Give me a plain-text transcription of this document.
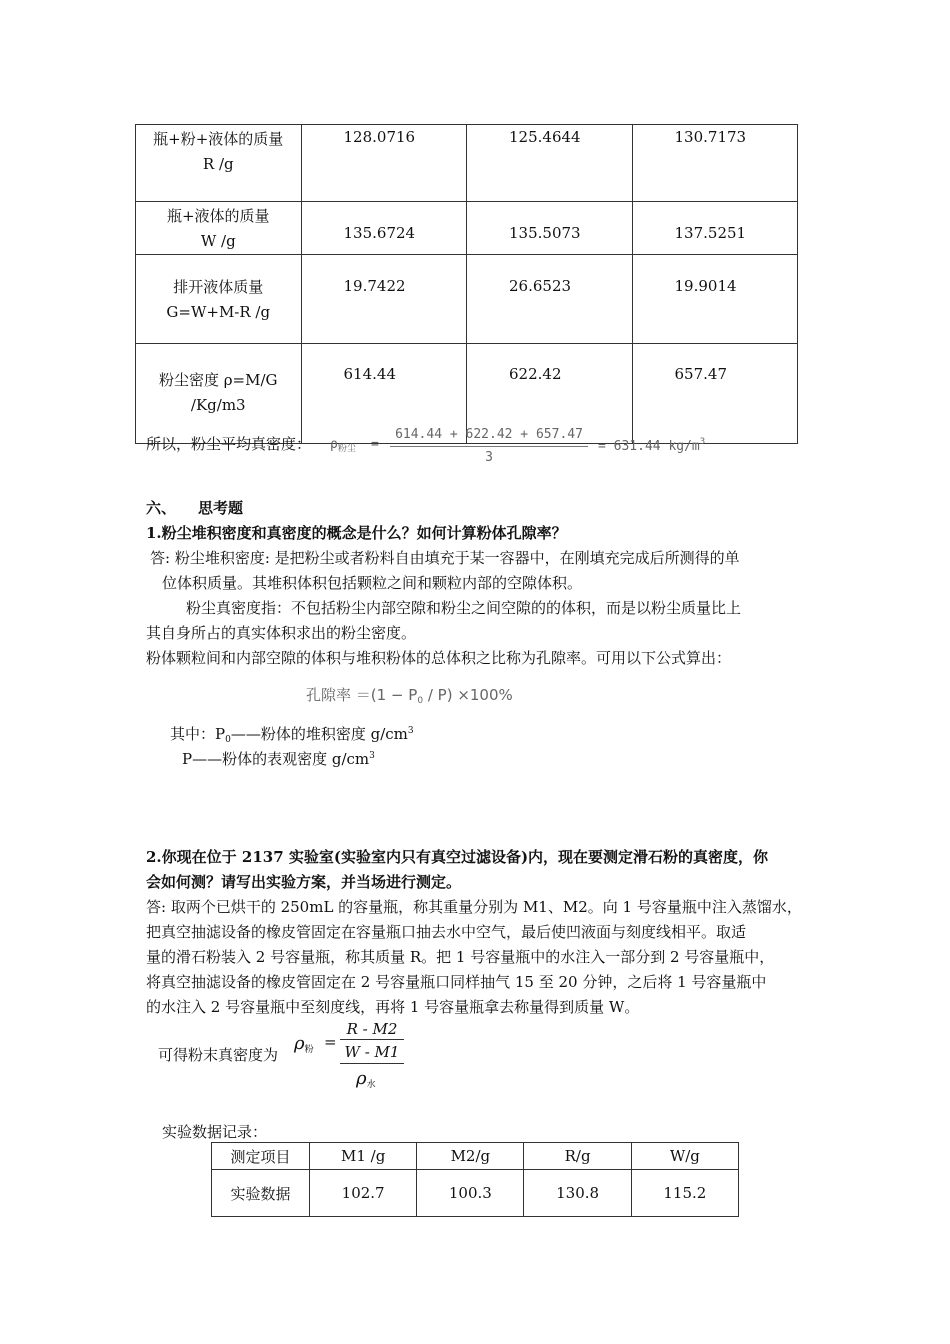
瓶+粉+液体的质量
R /g	128.0716	125.4644	130.7173

瓶+液体的质量
W /g	135.6724	135.5073	137.5251

排开液体质量
G=W+M-R /g	19.7422	26.6523	19.9014

粉尘密度 ρ=M/G
/Kg/m3	614.44	622.42	657.47
所以，粉尘平均真密度： $\rho_{粉尘}$ =
614.44 + 622.42 + 657.47
3
= 631.44 $kg/m^3$
六、 思考题
1.粉尘堆积密度和真密度的概念是什么？如何计算粉体孔隙率？
答: 粉尘堆积密度: 是把粉尘或者粉料自由填充于某一容器中，在刚填充完成后所测得的单
位体积质量。其堆积体积包括颗粒之间和颗粒内部的空隙体积。
粉尘真密度指：不包括粉尘内部空隙和粉尘之间空隙的的体积，而是以粉尘质量比上
其自身所占的真实体积求出的粉尘密度。
粉体颗粒间和内部空隙的体积与堆积粉体的总体积之比称为孔隙率。可用以下公式算出：
孔隙率 $=(1 - P_0 / P) \times 100\%$
其中：$P_0——$粉体的堆积密度 $g/cm^3$
P——粉体的表观密度 $g/cm^3$
2.你现在位于 2137 实验室(实验室内只有真空过滤设备)内，现在要测定滑石粉的真密度，你
会如何测？请写出实验方案，并当场进行测定。
答: 取两个已烘干的 250mL 的容量瓶，称其重量分别为 M1、M2。向 1 号容量瓶中注入蒸馏水，
把真空抽滤设备的橡皮管固定在容量瓶口抽去水中空气，最后使凹液面与刻度线相平。取适
量的滑石粉装入 2 号容量瓶，称其质量 R。把 1 号容量瓶中的水注入一部分到 2 号容量瓶中，
将真空抽滤设备的橡皮管固定在 2 号容量瓶口同样抽气 15 至 20 分钟，之后将 1 号容量瓶中
的水注入 2 号容量瓶中至刻度线，再将 1 号容量瓶拿去称量得到质量 W。
可得粉末真密度为
$\rho_粉$ =
R - M2
W - M1
$\rho_水$
实验数据记录：
测定项目	M1 /g	M2/g	R/g	W/g
实验数据	102.7	100.3	130.8	115.2
